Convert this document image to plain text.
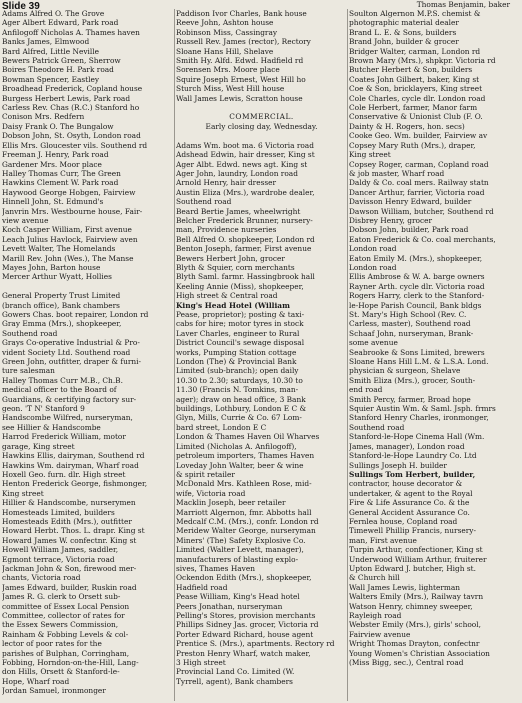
Slide 39	Thomas Benjamin, baker
Adams Alfred O. The Grove
Ager Albert Edward, Park road
Anfilogoff Nicholas A. Thames haven
Banks James, Elmwood
Bard Alfred, Little Neville
Bewers Patrick Green, Sherrow
Boires Theodore H. Park road
Bowman Spencer, Eastley
Broadhead Frederick, Copland house
Burgess Herbert Lewis, Park road
Carless Rev. Chas (R.C.) Stanford ho
Conison Mrs. Redfern
Daisy Frank O. The Bungalow
Dobson John, St. Osyth, London road
Ellis Mrs. Gloucester vils. Southend rd
Freeman J. Henry, Park road
Gardener Mrs. Moor place
Halley Thomas Curr, The Green
Hawkins Clement W. Park road
Haywood George Hobgen, Fairview
Hinnell John, St. Edmund's
Janvrin Mrs. Westbourne house, Fair-
view avenue
Koch Casper William, First avenue
Leach Julius Havlock, Fairview aven
Levett Walter, The Homelands
Marill Rev. John (Wes.), The Manse
Mayes John, Barton house
Mercer Arthur Wyatt, Hollies
General Property Trust Limited
(branch office), Bank chambers
Gowers Chas. boot repairer, London rd
Gray Emma (Mrs.), shopkeeper,
Southend road
Grays Co-operative Industrial & Pro-
vident Society Ltd. Southend road
Green John, outfitter, draper & furni-
ture salesman
Halley Thomas Curr M.B., Ch.B.
medical officer to the Board of
Guardians, & certifying factory sur-
geon. 'T N' Stanford 9
Handscombe Wilfred, nurseryman,
see Hillier & Handscombe
Harrod Frederick William, motor
garage, King street
Hawkins Ellis, dairyman, Southend rd
Hawkins Wm. dairyman, Wharf road
Hoxell Geo. furn. dlr. High street
Henton Frederick George, fishmonger,
King street
Hillier & Handscombe, nurserymen
Homesteads Limited, builders
Homesteads Edith (Mrs.), outfitter
Howard Herbt. Thos. L. drapr. King st
Howard James W. confectnr. King st
Howell William James, saddler,
Egmont terrace, Victoria road
Jackman John & Son, firewood mer-
chants, Victoria road
James Edward, builder, Ruskin road
James R. G. clerk to Orsett sub-
committee of Essex Local Pension
Committee, collector of rates for
the Essex Sewers Commission,
Rainham & Fobbing Levels & col-
lector of poor rates for the
parishes of Bulphan, Corringham,
Fobbing, Horndon-on-the-Hill, Lang-
don Hills, Orsett & Stanford-le-
Hope, Wharf road
Jordan Samuel, ironmonger
Paddison Ivor Charles, Bank house
Reeve John, Ashton house
Robinson Miss, Cassingray
Russell Rev. James (rector), Rectory
Sloane Hans Hill, Shelave
Smith Hy. Alfd. Edwd. Hadfield rd
Sorensen Mrs. Moore place
Squire Joseph Ernest, West Hill ho
Sturch Miss, West Hill house
Wall James Lewis, Scratton house
COMMERCIAL.
Early closing day, Wednesday.
Adams Wm. boot ma. 6 Victoria road
Adshead Edwin, hair dresser, King st
Ager Albt. Edwd. news agt. King st
Ager John, laundry, London road
Arnold Henry, hair dresser
Austin Eliza (Mrs.), wardrobe dealer,
Southend road
Beard Bertie James, wheelwright
Belcher Frederick Brunner, nursery-
man, Providence nurseries
Bell Alfred O. shopkeeper, London rd
Benton Joseph, farmer, First avenue
Bewers Herbert John, grocer
Blyth & Squier, corn merchants
Blyth Saml. farmr. Hassingbrook hall
Keeling Annie (Miss), shopkeeper,
High street & Central road
King's Head Hotel (William
Pease, proprietor); posting & taxi-
cabs for hire; motor tyres in stock
Laver Charles, engineer to Rural
District Council's sewage disposal
works, Pumping Station cottage
London (The) & Provincial Bank
Limited (sub-branch); open daily
10.30 to 2.30; saturdays, 10.30 to
11.30 (Francis N. Tomkins, man-
ager); draw on head office, 3 Bank
buildings, Lothbury, London E C &
Glyn, Mills, Currie & Co. 67 Lom-
bard street, London E C
London & Thames Haven Oil Wharves
Limited (Nicholas A. Anfilogoff),
petroleum importers, Thames Haven
Loveday John Walter, beer & wine
& spirit retailer
McDonald Mrs. Kathleen Rose, mid-
wife, Victoria road
Macklin Joseph, beer retailer
Marriott Algernon, fmr. Abbotts hall
Medcalf C.M. (Mrs.), confr. London rd
Meridew Walter George, nurseryman
Miners' (The) Safety Explosive Co.
Limited (Walter Levett, manager),
manufacturers of blasting explo-
sives, Thames Haven
Ockendon Edith (Mrs.), shopkeeper,
Hadfield road
Pease William, King's Head hotel
Peers Jonathan, nurseryman
Pelling's Stores, provision merchants
Phillips Sidney Jas. grocer, Victoria rd
Porter Edward Richard, house agent
Prentice S. (Mrs.), apartments. Rectory rd
Preston Henry Wharf, watch maker,
3 High street
Provincial Land Co. Limited (W.
Tyrrell, agent), Bank chambers
Soulton Algernon M.P.S. chemist &
photographic material dealer
Brand L. E. & Sons, builders
Brand John, builder & grocer
Bridger Walter, carman, London rd
Brown Mary (Mrs.), shpkpr. Victoria rd
Butcher Herbert & Son, builders
Coates John Gilbert, baker, King st
Coe & Son, bricklayers, King street
Cole Charles, cycle dlr. London road
Cole Herbert, farmer, Manor farm
Conservative & Unionist Club (F. O.
Dainty & H. Rogers, hon. secs)
Cooke Geo. Wm. builder, Fairview av
Copsey Mary Ruth (Mrs.), draper,
King street
Copsey Roger, carman, Copland road
& job master, Wharf road
Daldy & Co. coal mers. Railway statn
Dancer Arthur, farrier, Victoria road
Davisson Henry Edward, builder
Dawson William, butcher, Southend rd
Disbrey Henry, grocer
Dobson John, builder, Park road
Eaton Frederick & Co. coal merchants,
London road
Eaton Emily M. (Mrs.), shopkeeper,
London road
Ellis Ambrose & W. A. barge owners
Rayner Arth. cycle dlr. Victoria road
Rogers Harry, clerk to the Stanford-
le-Hope Parish Council, Bank bldgs
St. Mary's High School (Rev. C.
Carless, master), Southend road
Schaaf John, nurseryman, Brank-
some avenue
Seabrooke & Sons Limited, brewers
Sloane Hans Hill L.M. & L.S.A. Lond.
physician & surgeon, Shelave
Smith Eliza (Mrs.), grocer, South-
end road
Smith Percy, farmer, Broad hope
Squier Austin Wm. & Saml. Jsph. frmrs
Stanford Henry Charles, ironmonger,
Southend road
Stanford-le-Hope Cinema Hall (Wm.
James, manager), London road
Stanford-le-Hope Laundry Co. Ltd
Sullings Joseph H. builder
Sullings Tom Herbert, builder,
contractor, house decorator &
undertaker, & agent to the Royal
Fire & Life Assurance Co. & the
General Accident Assurance Co.
Fernlea house, Copland road
Timewell Phillip Francis, nursery-
man, First avenue
Turpin Arthur, confectioner, King st
Underwood William Arthur, fruiterer
Upton Edward J. butcher, High st.
& Church hill
Wall James Lewis, lighterman
Walters Emily (Mrs.), Railway tavrn
Watson Henry, chimney sweeper,
Rayleigh road
Webster Emily (Mrs.), girls' school,
Fairview avenue
Wright Thomas Drayton, confectnr
Young Women's Christian Association
(Miss Bigg, sec.), Central road
